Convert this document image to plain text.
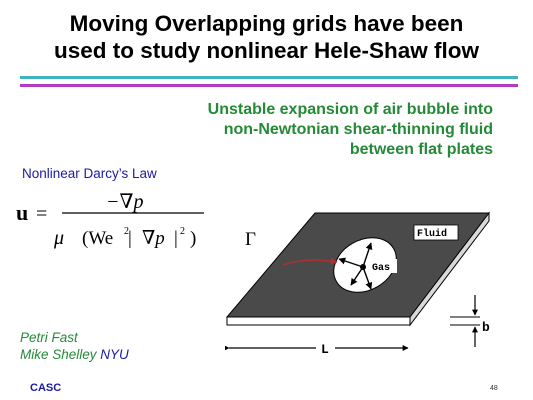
Moving Overlapping grids have been
used to study nonlinear Hele-Shaw flow
Unstable expansion of air bubble into
non-Newtonian shear-thinning fluid
between flat plates
Nonlinear Darcy’s Law
u =
−∇p
μ (We 2 | ∇p | 2 )
Gas
Fluid
Γ
L
b
Petri Fast
Mike Shelley NYU
CASC	48
